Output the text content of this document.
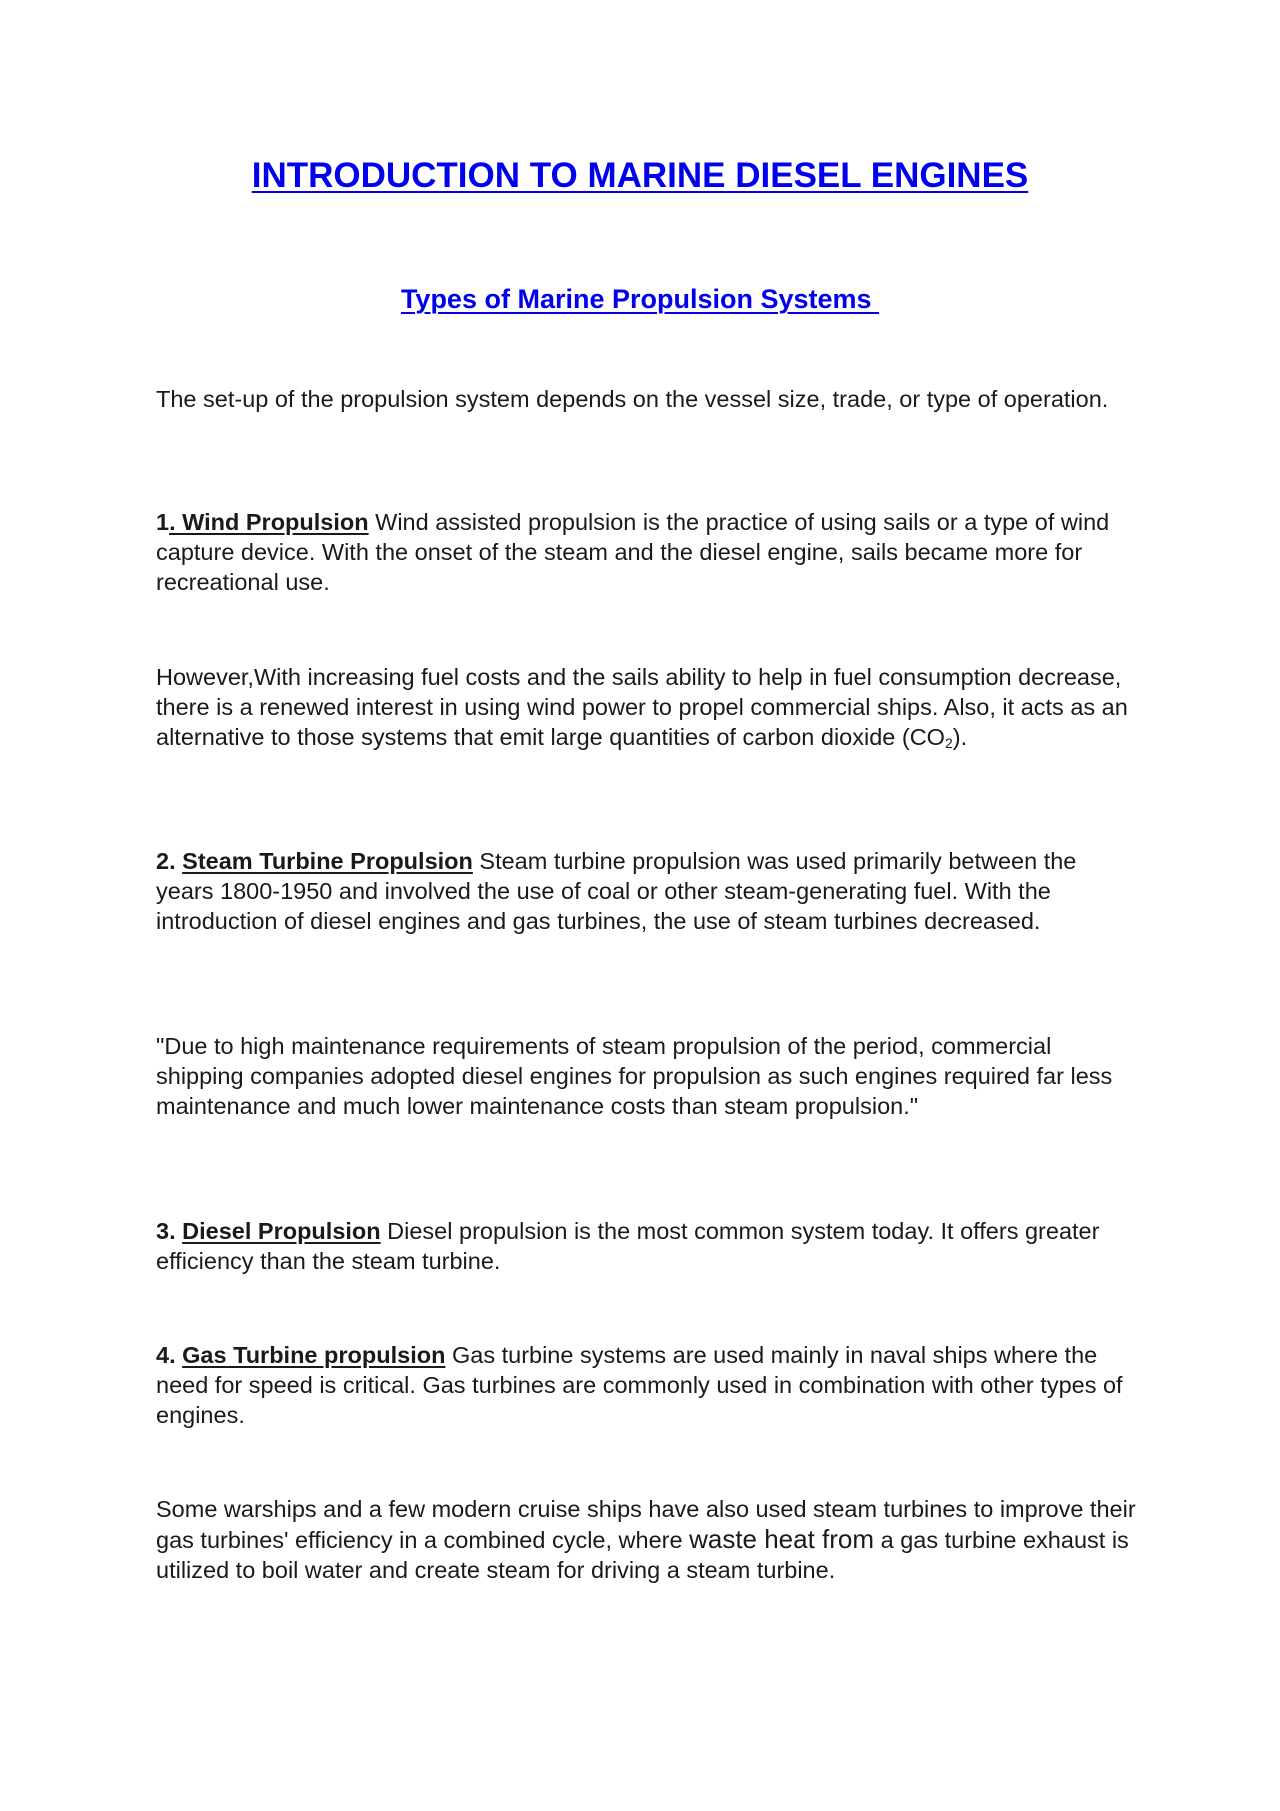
INTRODUCTION TO MARINE DIESEL ENGINES
Types of Marine Propulsion Systems

The set-up of the propulsion system depends on the vessel size, trade, or type of operation.

1. Wind Propulsion Wind assisted propulsion is the practice of using sails or a type of wind capture device. With the onset of the steam and the diesel engine, sails became more for recreational use.

However,With increasing fuel costs and the sails ability to help in fuel consumption decrease, there is a renewed interest in using wind power to propel commercial ships. Also, it acts as an alternative to those systems that emit large quantities of carbon dioxide $(CO_2)$.

2. Steam Turbine Propulsion Steam turbine propulsion was used primarily between the years 1800-1950 and involved the use of coal or other steam-generating fuel. With the introduction of diesel engines and gas turbines, the use of steam turbines decreased.

"Due to high maintenance requirements of steam propulsion of the period, commercial shipping companies adopted diesel engines for propulsion as such engines required far less maintenance and much lower maintenance costs than steam propulsion."

3. Diesel Propulsion Diesel propulsion is the most common system today. It offers greater efficiency than the steam turbine.

4. Gas Turbine propulsion Gas turbine systems are used mainly in naval ships where the need for speed is critical. Gas turbines are commonly used in combination with other types of engines.

Some warships and a few modern cruise ships have also used steam turbines to improve their gas turbines' efficiency in a combined cycle, where waste heat from a gas turbine exhaust is utilized to boil water and create steam for driving a steam turbine.
